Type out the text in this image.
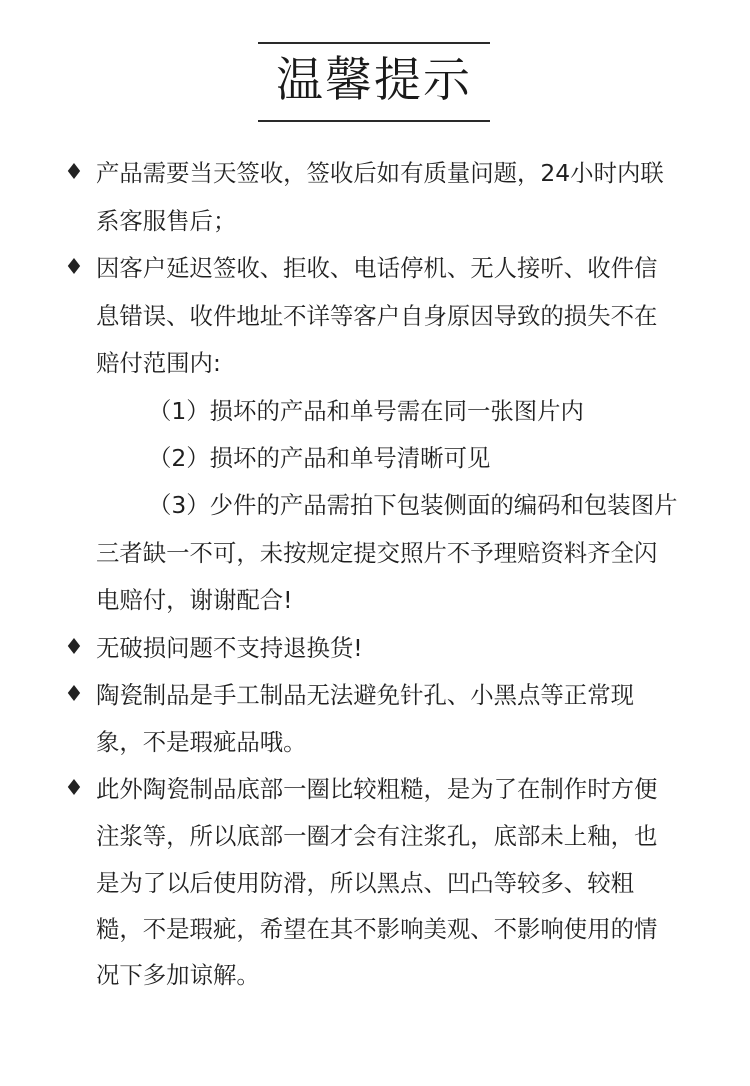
温馨提示
♦
♦
♦
♦
♦
产品需要当天签收，签收后如有质量问题，24小时内联
系客服售后；
因客户延迟签收、拒收、电话停机、无人接听、收件信
息错误、收件地址不详等客户自身原因导致的损失不在
赔付范围内:
（1）损坏的产品和单号需在同一张图片内
（2）损坏的产品和单号清晰可见
（3）少件的产品需拍下包装侧面的编码和包装图片
三者缺一不可，未按规定提交照片不予理赔资料齐全闪
电赔付，谢谢配合!
无破损问题不支持退换货!
陶瓷制品是手工制品无法避免针孔、小黑点等正常现
象，不是瑕疵品哦。
此外陶瓷制品底部一圈比较粗糙，是为了在制作时方便
注浆等，所以底部一圈才会有注浆孔，底部未上釉，也
是为了以后使用防滑，所以黑点、凹凸等较多、较粗
糙，不是瑕疵，希望在其不影响美观、不影响使用的情
况下多加谅解。
